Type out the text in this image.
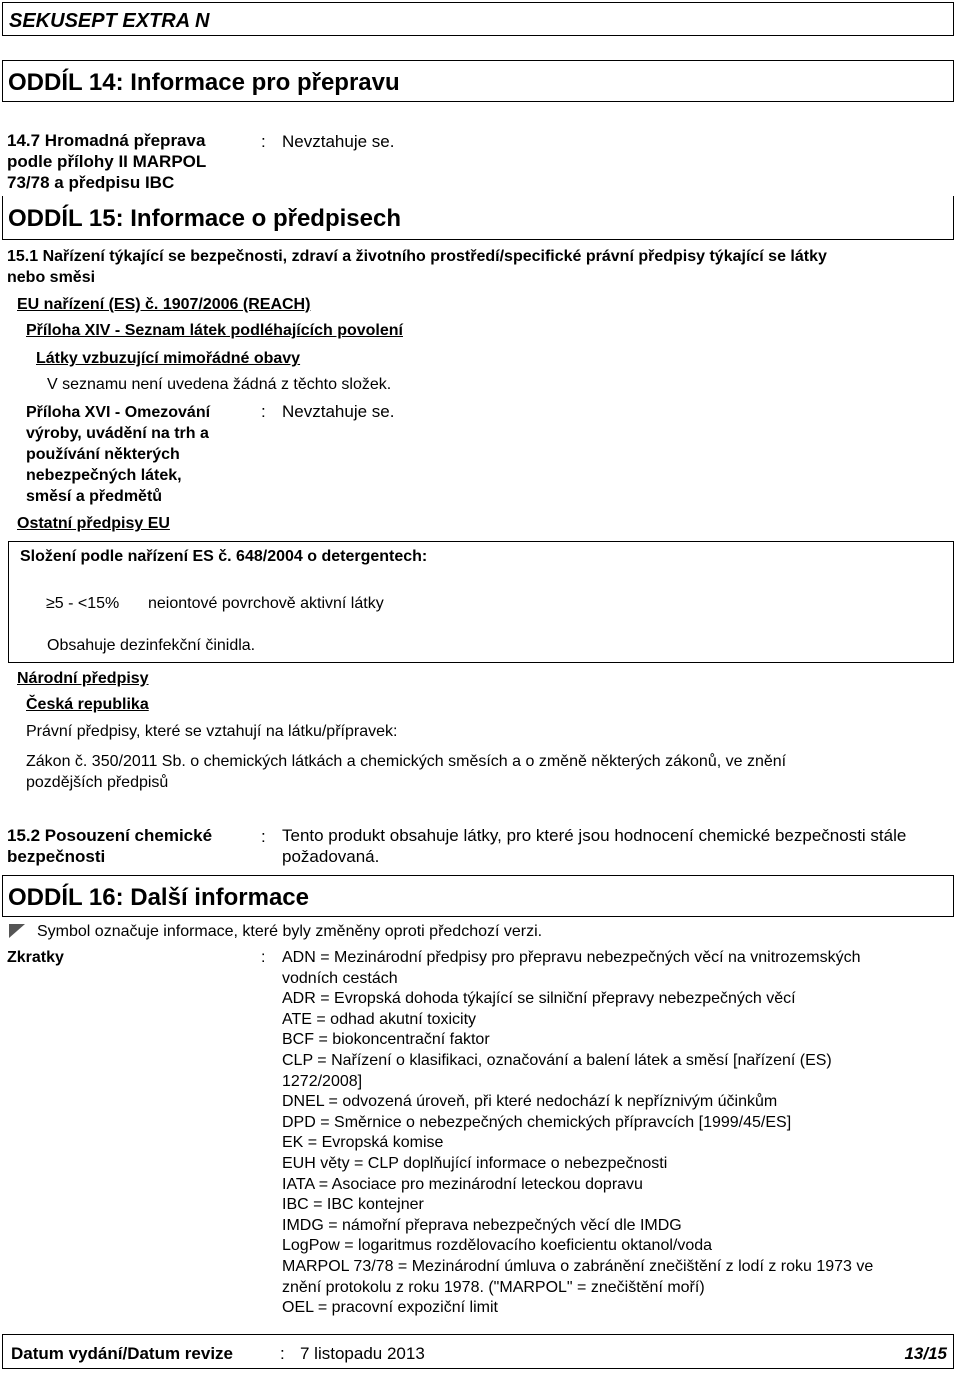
SEKUSEPT EXTRA N
ODDÍL 14: Informace pro přepravu
14.7 Hromadná přeprava
podle přílohy II MARPOL
73/78 a předpisu IBC
: Nevztahuje se.
ODDÍL 15: Informace o předpisech
15.1 Nařízení týkající se bezpečnosti, zdraví a životního prostředí/specifické právní předpisy týkající se látky
nebo směsi
EU nařízení (ES) č. 1907/2006 (REACH)
Příloha XIV - Seznam látek podléhajících povolení
Látky vzbuzující mimořádné obavy
V seznamu není uvedena žádná z těchto složek.
Příloha XVI - Omezování
výroby, uvádění na trh a
používání některých
nebezpečných látek,
směsí a předmětů
: Nevztahuje se.
Ostatní předpisy EU
Složení podle nařízení ES č. 648/2004 o detergentech:
≥5 - <15% neiontové povrchově aktivní látky
Obsahuje dezinfekční činidla.
Národní předpisy
Česká republika
Právní předpisy, které se vztahují na látku/přípravek:
Zákon č. 350/2011 Sb. o chemických látkách a chemických směsích a o změně některých zákonů, ve znění
pozdějších předpisů
15.2 Posouzení chemické
bezpečnosti
: Tento produkt obsahuje látky, pro které jsou hodnocení chemické bezpečnosti stále
požadovaná.
ODDÍL 16: Další informace
Symbol označuje informace, které byly změněny oproti předchozí verzi.
Zkratky	: ADN = Mezinárodní předpisy pro přepravu nebezpečných věcí na vnitrozemských
vodních cestách
ADR = Evropská dohoda týkající se silniční přepravy nebezpečných věcí
ATE = odhad akutní toxicity
BCF = biokoncentrační faktor
CLP = Nařízení o klasifikaci, označování a balení látek a směsí [nařízení (ES)
1272/2008]
DNEL = odvozená úroveň, při které nedochází k nepříznivým účinkům
DPD = Směrnice o nebezpečných chemických přípravcích [1999/45/ES]
EK = Evropská komise
EUH věty = CLP doplňující informace o nebezpečnosti
IATA = Asociace pro mezinárodní leteckou dopravu
IBC = IBC kontejner
IMDG = námořní přeprava nebezpečných věcí dle IMDG
LogPow = logaritmus rozdělovacího koeficientu oktanol/voda
MARPOL 73/78 = Mezinárodní úmluva o zabránění znečištění z lodí z roku 1973 ve
znění protokolu z roku 1978. ("MARPOL" = znečištění moří)
OEL = pracovní expoziční limit
Datum vydání/Datum revize	: 7 listopadu 2013	13/15
